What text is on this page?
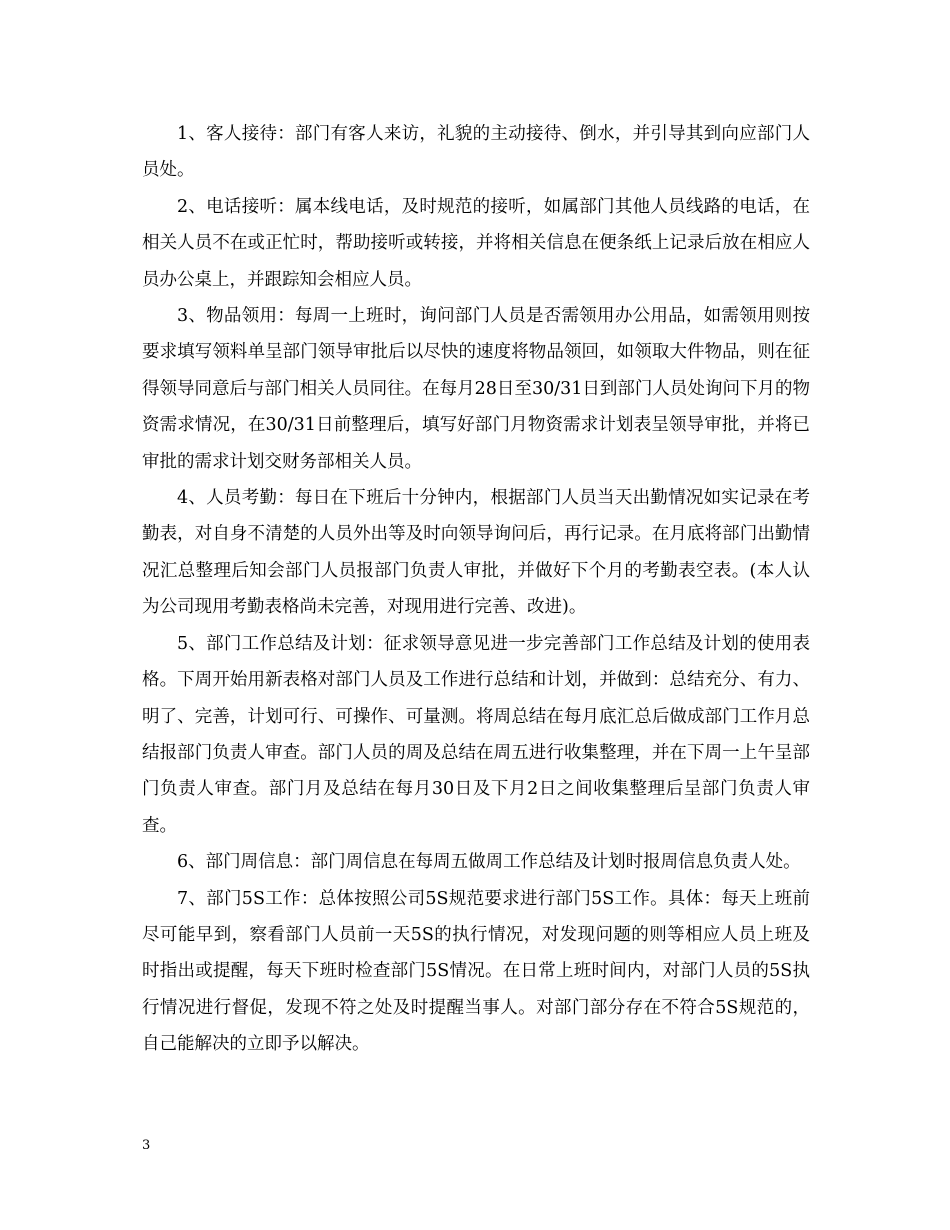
1、客人接待：部门有客人来访，礼貌的主动接待、倒水，并引导其到向应部门人员处。

2、电话接听：属本线电话，及时规范的接听，如属部门其他人员线路的电话，在相关人员不在或正忙时，帮助接听或转接，并将相关信息在便条纸上记录后放在相应人员办公桌上，并跟踪知会相应人员。

3、物品领用：每周一上班时，询问部门人员是否需领用办公用品，如需领用则按要求填写领料单呈部门领导审批后以尽快的速度将物品领回，如领取大件物品，则在征得领导同意后与部门相关人员同往。在每月28日至30/31日到部门人员处询问下月的物资需求情况，在30/31日前整理后，填写好部门月物资需求计划表呈领导审批，并将已审批的需求计划交财务部相关人员。

4、人员考勤：每日在下班后十分钟内，根据部门人员当天出勤情况如实记录在考勤表，对自身不清楚的人员外出等及时向领导询问后，再行记录。在月底将部门出勤情况汇总整理后知会部门人员报部门负责人审批，并做好下个月的考勤表空表。(本人认为公司现用考勤表格尚未完善，对现用进行完善、改进)。

5、部门工作总结及计划：征求领导意见进一步完善部门工作总结及计划的使用表格。下周开始用新表格对部门人员及工作进行总结和计划，并做到：总结充分、有力、明了、完善，计划可行、可操作、可量测。将周总结在每月底汇总后做成部门工作月总结报部门负责人审查。部门人员的周及总结在周五进行收集整理，并在下周一上午呈部门负责人审查。部门月及总结在每月30日及下月2日之间收集整理后呈部门负责人审查。

6、部门周信息：部门周信息在每周五做周工作总结及计划时报周信息负责人处。

7、部门5S工作：总体按照公司5S规范要求进行部门5S工作。具体：每天上班前尽可能早到，察看部门人员前一天5S的执行情况，对发现问题的则等相应人员上班及时指出或提醒，每天下班时检查部门5S情况。在日常上班时间内，对部门人员的5S执行情况进行督促，发现不符之处及时提醒当事人。对部门部分存在不符合5S规范的，自己能解决的立即予以解决。

3
